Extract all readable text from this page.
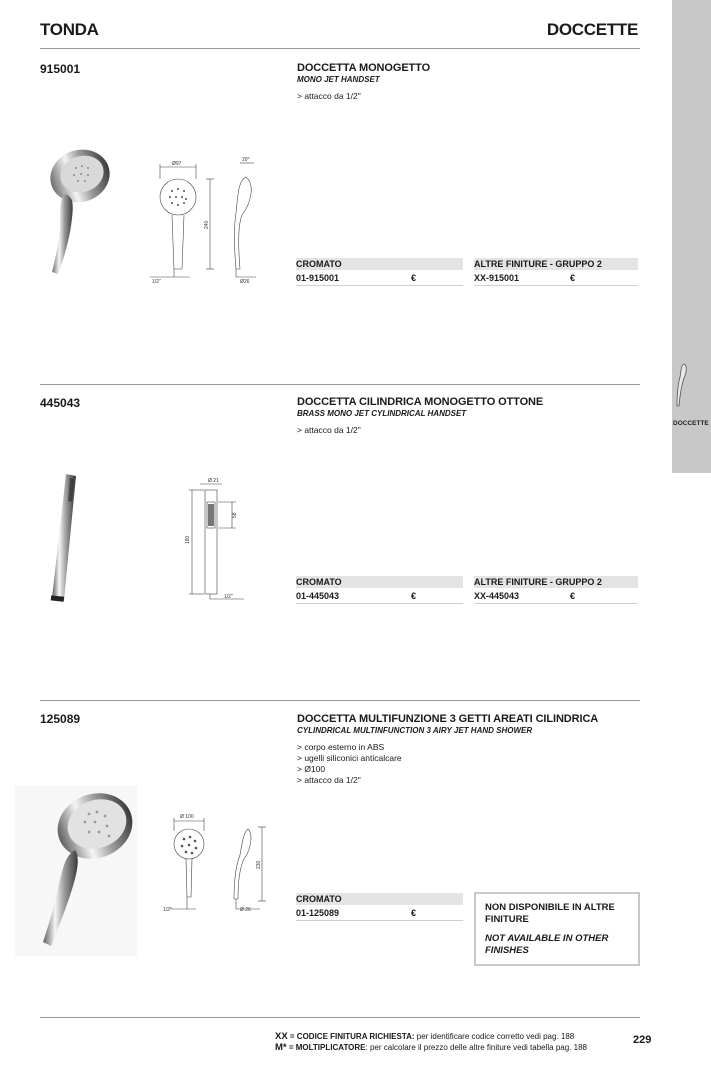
TONDA	DOCCETTE
DOCCETTE
915001	DOCCETTA MONOGETTO
MONO JET HANDSET
> attacco da 1/2"
Ø97
20°
240
1/2"	Ø26
CROMATO
01-915001	€
ALTRE FINITURE - GRUPPO 2
XX-915001	€
445043	DOCCETTA CILINDRICA MONOGETTO OTTONE
BRASS MONO JET CYLINDRICAL HANDSET
> attacco da 1/2"
Ø 21
58
180
1/2"
CROMATO
01-445043	€
ALTRE FINITURE - GRUPPO 2
XX-445043	€
125089	DOCCETTA MULTIFUNZIONE 3 GETTI AREATI CILINDRICA
CYLINDRICAL MULTINFUNCTION 3 AIRY JET HAND SHOWER
> corpo esterno in ABS
> ugelli siliconici anticalcare
> Ø100
> attacco da 1/2"
Ø 100
230
1/2"	Ø 26
CROMATO
01-125089	€	NON DISPONIBILE IN ALTRE FINITURE
NOT AVAILABLE IN OTHER FINISHES
XX = CODICE FINITURA RICHIESTA: per identificare codice corretto vedi pag. 188
M* = MOLTIPLICATORE: per calcolare il prezzo delle altre finiture vedi tabella pag. 188
229
